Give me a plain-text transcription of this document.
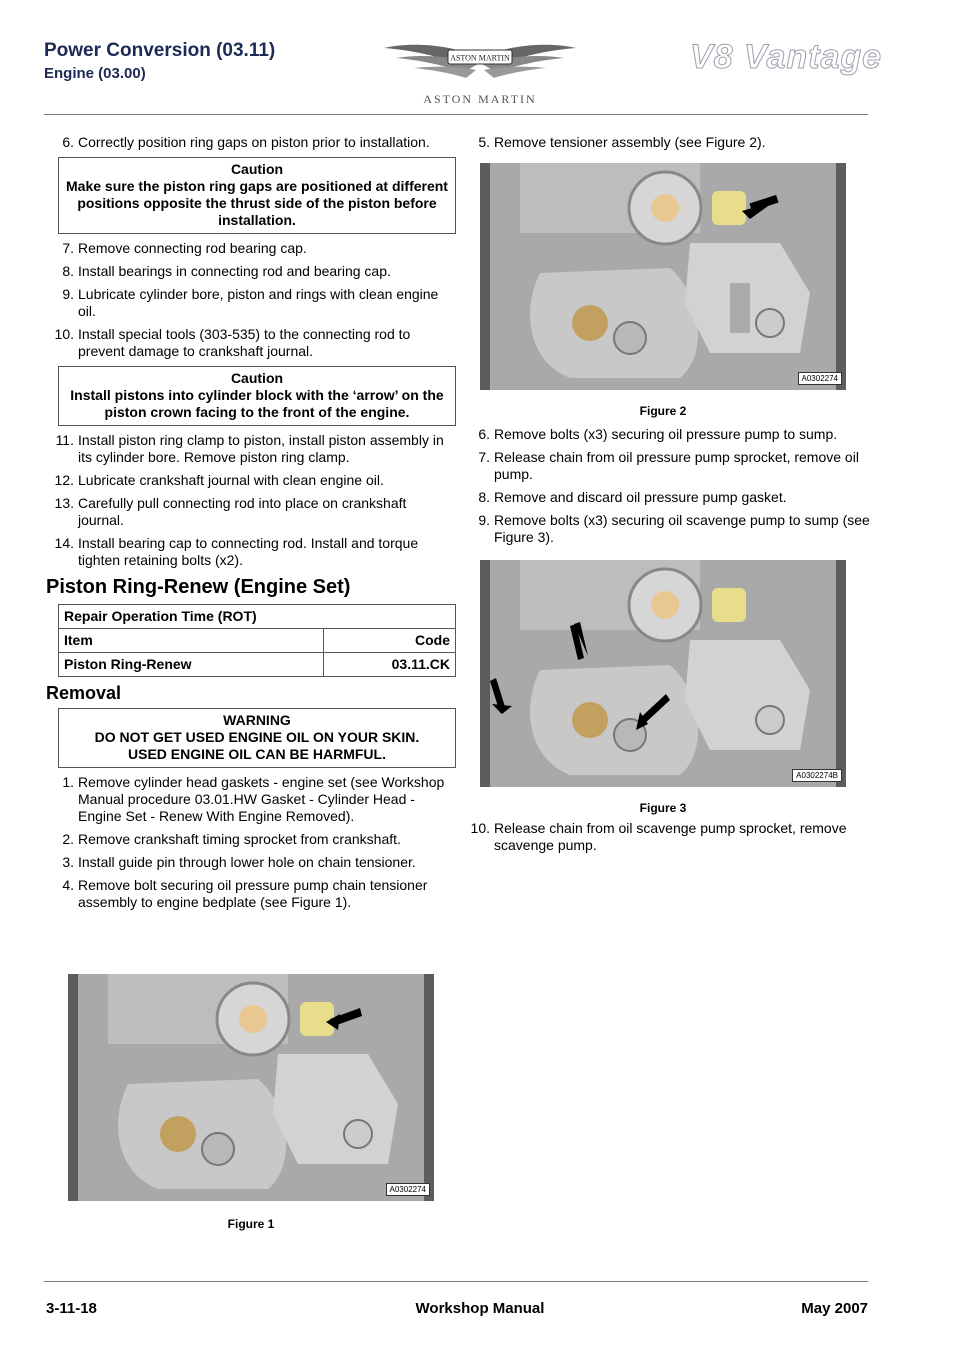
Power Conversion (03.11)
Engine (03.00)
ASTON MARTIN
ASTON MARTIN
V8 Vantage
6. Correctly position ring gaps on piston prior to installation.
Caution
Make sure the piston ring gaps are positioned at different positions opposite the thrust side of the piston before installation.
7. Remove connecting rod bearing cap.
8. Install bearings in connecting rod and bearing cap.
9. Lubricate cylinder bore, piston and rings with clean engine oil.
10. Install special tools (303-535) to the connecting rod to prevent damage to crankshaft journal.
Caution
Install pistons into cylinder block with the ‘arrow’ on the piston crown facing to the front of the engine.
11. Install piston ring clamp to piston, install piston assembly in its cylinder bore. Remove piston ring clamp.
12. Lubricate crankshaft journal with clean engine oil.
13. Carefully pull connecting rod into place on crankshaft journal.
14. Install bearing cap to connecting rod. Install and torque tighten retaining bolts (x2).
Piston Ring-Renew (Engine Set)
Repair Operation Time (ROT)	
Item	Code
Piston Ring-Renew	03.11.CK
Removal
WARNING
DO NOT GET USED ENGINE OIL ON YOUR SKIN.
USED ENGINE OIL CAN BE HARMFUL.
1. Remove cylinder head gaskets - engine set (see Workshop Manual procedure 03.01.HW Gasket - Cylinder Head - Engine Set - Renew With Engine Removed).
2. Remove crankshaft timing sprocket from crankshaft.
3. Install guide pin through lower hole on chain tensioner.
4. Remove bolt securing oil pressure pump chain tensioner assembly to engine bedplate (see Figure 1).
5. Remove tensioner assembly (see Figure 2).
6. Remove bolts (x3) securing oil pressure pump to sump.
7. Release chain from oil pressure pump sprocket, remove oil pump.
8. Remove and discard oil pressure pump gasket.
9. Remove bolts (x3) securing oil scavenge pump to sump (see Figure 3).
10. Release chain from oil scavenge pump sprocket, remove scavenge pump.
A0302274
Figure 2
A0302274B
Figure 3
A0302274
Figure 1
3-11-18	Workshop Manual	May 2007
